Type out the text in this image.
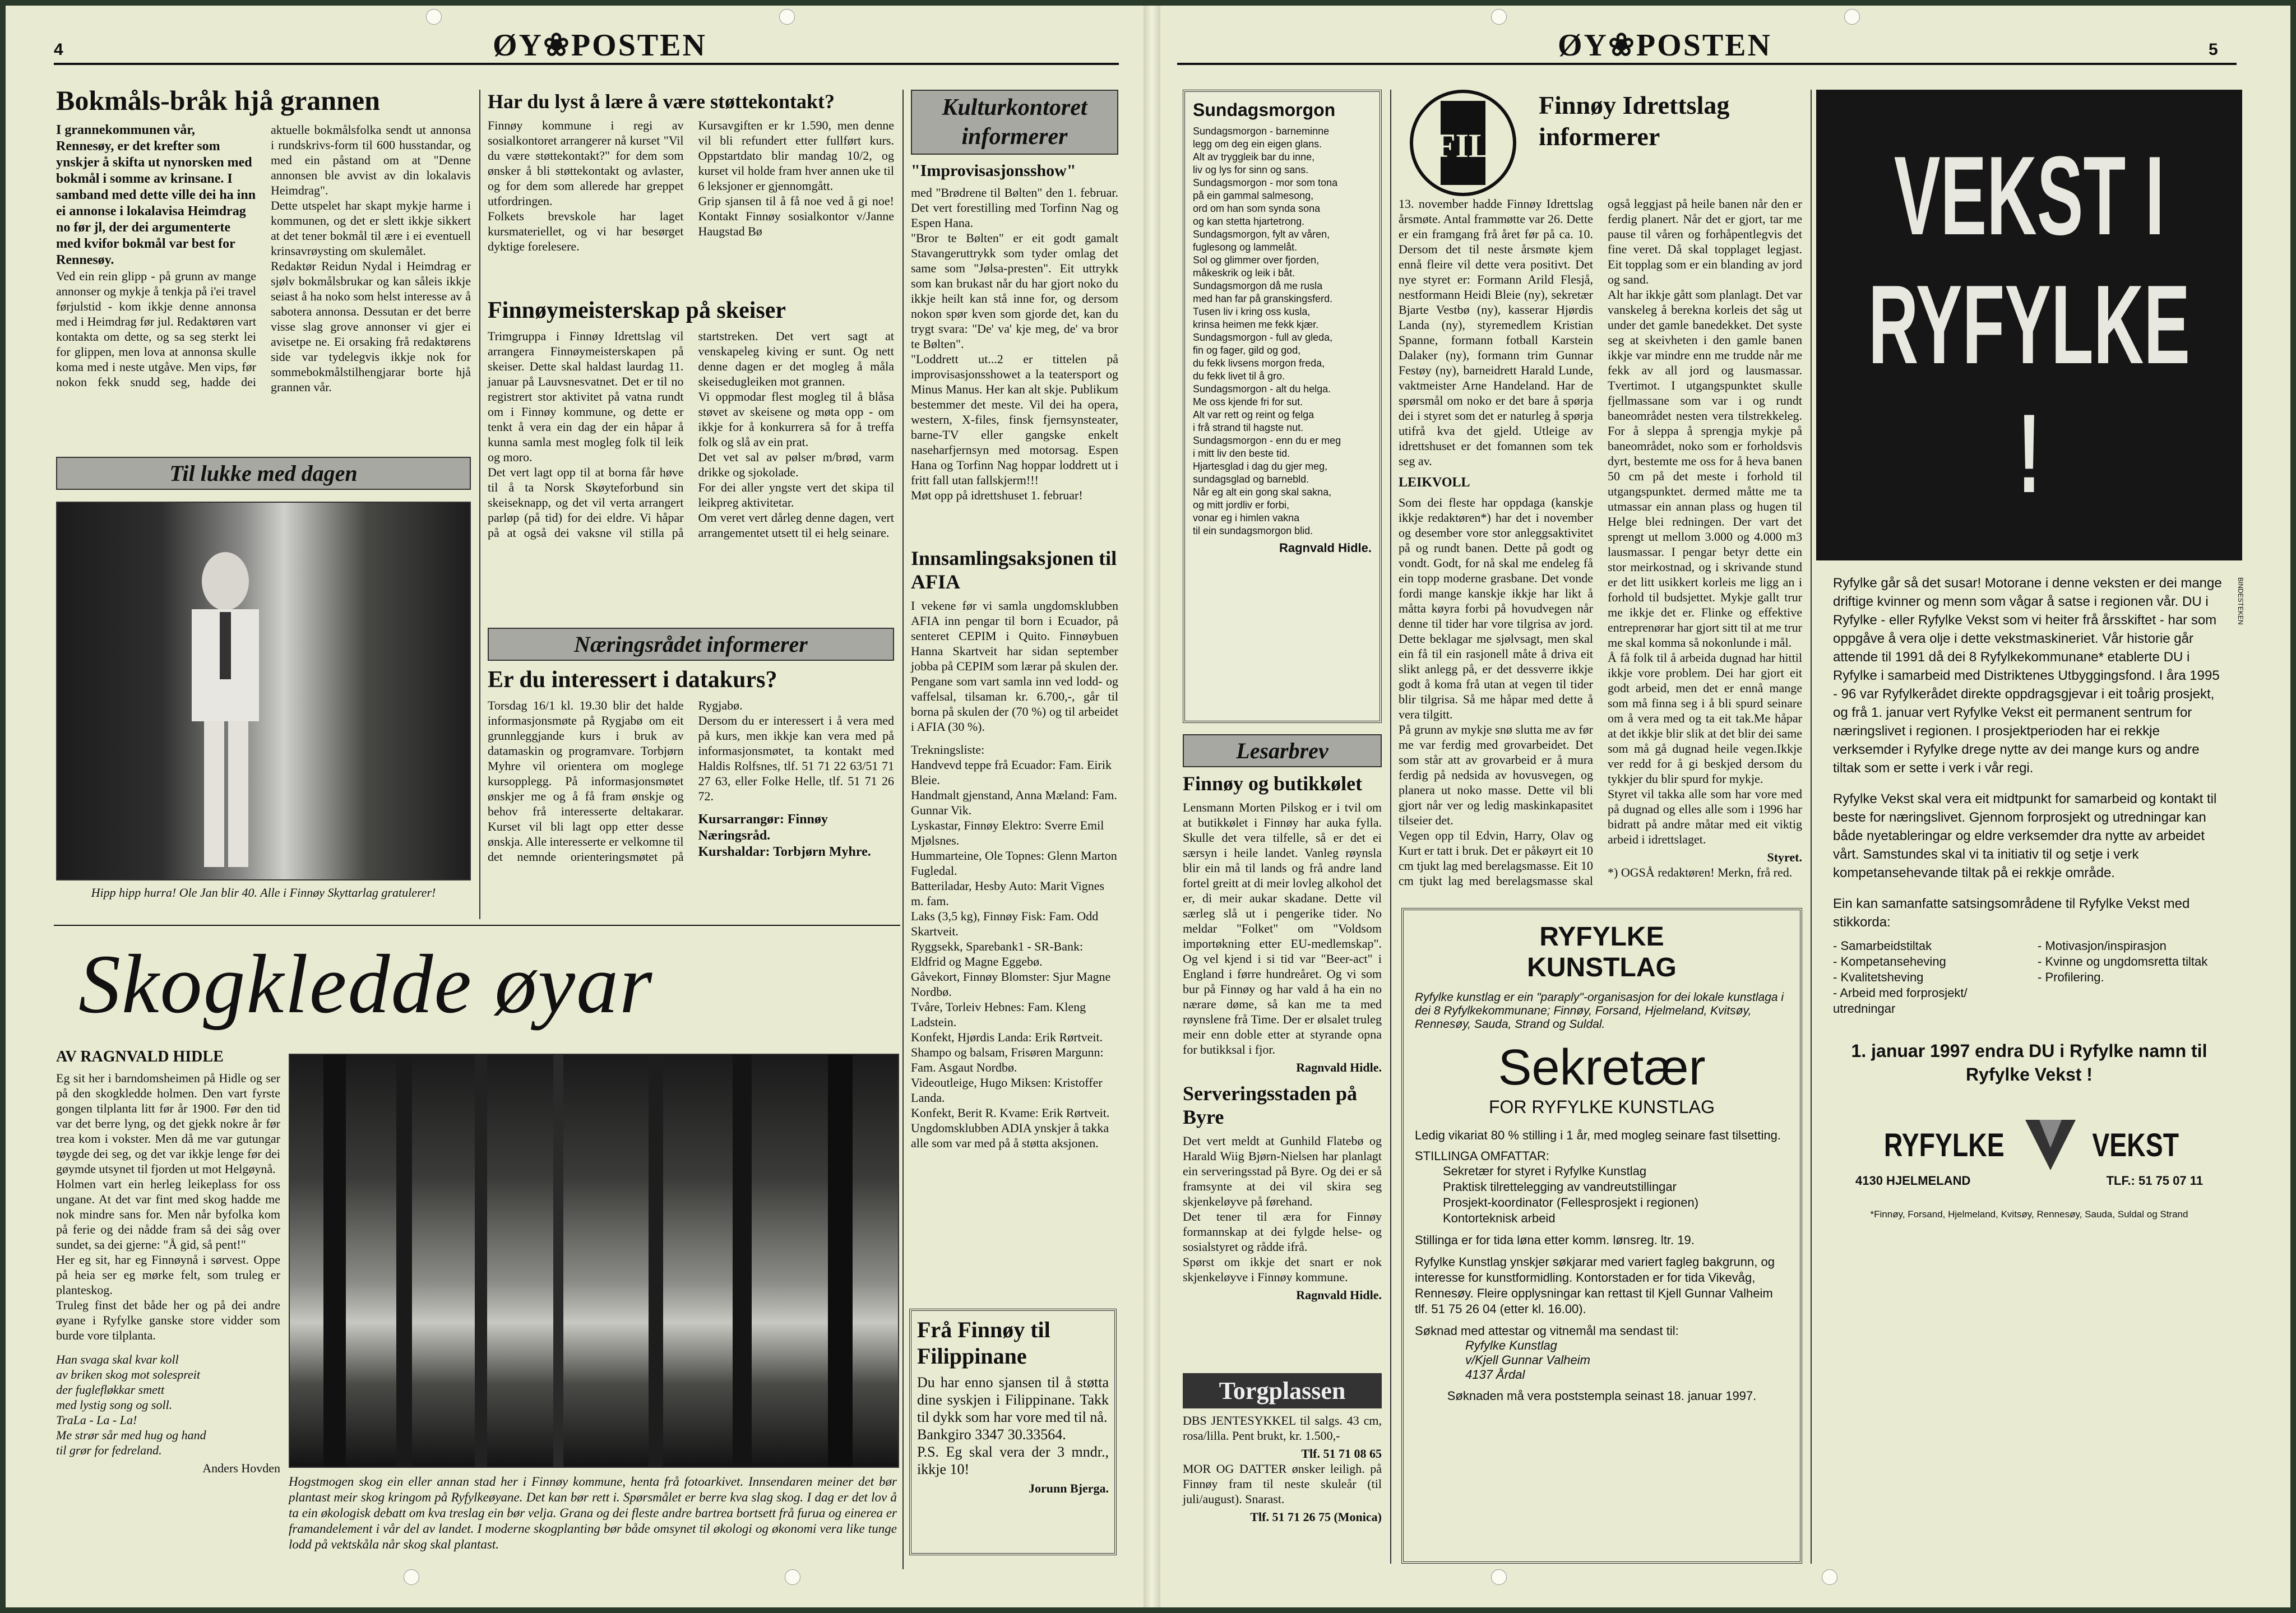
4	ØY❀POSTEN	5
ØY❀POSTEN
Bokmåls-bråk hjå grannen
I grannekommunen vår, Rennesøy, er det krefter som ynskjer å skifta ut nynorsken med bokmål i somme av krinsane. I samband med dette ville dei ha inn ei annonse i lokalavisa Heimdrag no før jl, der dei argumenterte med kvifor bokmål var best for Rennesøy.
Ved ein rein glipp - på grunn av mange annonser og mykje å tenkja på i'ei travel førjulstid - kom ikkje denne annonsa med i Heimdrag før jul. Redaktøren vart kontakta om dette, og sa seg sterkt lei for glippen, men lova at annonsa skulle koma med i neste utgåve. Men vips, før nokon fekk snudd seg, hadde dei aktuelle bokmålsfolka sendt ut annonsa i rundskrivs-form til 600 husstandar, og med ein påstand om at "Denne annonsen ble avvist av din lokalavis Heimdrag".
Dette utspelet har skapt mykje harme i kommunen, og det er slett ikkje sikkert at det tener bokmål til ære i ei eventuell krinsavrøysting om skulemålet.
Redaktør Reidun Nydal i Heimdrag er sjølv bokmålsbrukar og kan såleis ikkje seiast å ha noko som helst interesse av å sabotera annonsa. Dessutan er det berre visse slag grove annonser vi gjer ei avisetpe ne. Ei orsaking frå redaktørens side var tydelegvis ikkje nok for sommebokmålstilhengjarar borte hjå grannen vår.
Til lukke med dagen
Hipp hipp hurra! Ole Jan blir 40. Alle i Finnøy Skyttarlag gratulerer!
Har du lyst å lære å være støttekontakt?
Finnøy kommune i regi av sosialkontoret arrangerer nå kurset "Vil du være støttekontakt?" for dem som ønsker å bli støttekontakt og avlaster, og for dem som allerede har greppet utfordringen.
Folkets brevskole har laget kursmateriellet, og vi har besørget dyktige forelesere.
Kursavgiften er kr 1.590, men denne vil bli refundert etter fullført kurs. Oppstartdato blir mandag 10/2, og kurset vil holde fram hver annen uke til 6 leksjoner er gjennomgått.
Grip sjansen til å få noe ved å gi noe! Kontakt Finnøy sosialkontor v/Janne Haugstad Bø
Finnøymeisterskap på skeiser
Trimgruppa i Finnøy Idrettslag vil arrangera Finnøymeisterskapen på skeiser. Dette skal haldast laurdag 11. januar på Lauvsnesvatnet. Det er til no registrert stor aktivitet på vatna rundt om i Finnøy kommune, og dette er tenkt å vera ein dag der ein håpar å kunna samla mest mogleg folk til leik og moro.
Det vert lagt opp til at borna får høve til å ta Norsk Skøyteforbund sin skeiseknapp, og det vil verta arrangert parløp (på tid) for dei eldre. Vi håpar på at også dei vaksne vil stilla på startstreken. Det vert sagt at venskapeleg kiving er sunt. Og nett denne dagen er det mogleg å måla skeisedugleiken mot grannen.
Vi oppmodar flest mogleg til å blåsa støvet av skeisene og møta opp - om ikkje for å konkurrera så for å treffa folk og slå av ein prat.
Det vet sal av pølser m/brød, varm drikke og sjokolade.
For dei aller yngste vert det skipa til leikpreg aktivitetar.
Om veret vert dårleg denne dagen, vert arrangementet utsett til ei helg seinare.
Næringsrådet informerer
Er du interessert i datakurs?
Torsdag 16/1 kl. 19.30 blir det halde informasjonsmøte på Rygjabø om eit grunnleggjande kurs i bruk av datamaskin og programvare. Torbjørn Myhre vil orientera om moglege kursopplegg. På informasjonsmøtet ønskjer me og å få fram ønskje og behov frå interesserte deltakarar. Kurset vil bli lagt opp etter desse ønskja. Alle interesserte er velkomne til det nemnde orienteringsmøtet på Rygjabø.
Dersom du er interessert i å vera med på kurs, men ikkje kan vera med på informasjonsmøtet, ta kontakt med Haldis Rolfsnes, tlf. 51 71 22 63/51 71 27 63, eller Folke Helle, tlf. 51 71 26 72.
Kursarrangør: Finnøy Næringsråd.
Kurshaldar: Torbjørn Myhre.
Kulturkontoret informerer
"Improvisasjonsshow"
med "Brødrene til Bølten" den 1. februar. Det vert forestilling med Torfinn Nag og Espen Hana.
"Bror te Bølten" er eit godt gamalt Stavangeruttrykk som tyder omlag det same som "Jølsa-presten". Eit uttrykk som kan brukast når du har gjort noko du ikkje heilt kan stå inne for, og dersom nokon spør kven som gjorde det, kan du trygt svara: "De' va' kje meg, de' va bror te Bølten".
"Loddrett ut...2 er tittelen på improvisasjonsshowet a la teatersport og Minus Manus. Her kan alt skje. Publikum bestemmer det meste. Vil dei ha opera, western, X-files, finsk fjernsynsteater, barne-TV eller gangske enkelt naseharfjernsyn med motorsag. Espen Hana og Torfinn Nag hoppar loddrett ut i fritt fall utan fallskjerm!!!
Møt opp på idrettshuset 1. februar!
Innsamlingsaksjonen til AFIA
I vekene før vi samla ungdomsklubben AFIA inn pengar til born i Ecuador, på senteret CEPIM i Quito. Finnøybuen Hanna Skartveit har sidan september jobba på CEPIM som lærar på skulen der. Pengane som vart samla inn ved lodd- og vaffelsal, tilsaman kr. 6.700,-, går til borna på skulen der (70 %) og til arbeidet i AFIA (30 %).
Trekningsliste:
Handvevd teppe frå Ecuador: Fam. Eirik Bleie.
Handmalt gjenstand, Anna Mæland: Fam. Gunnar Vik.
Lyskastar, Finnøy Elektro: Sverre Emil Mjølsnes.
Hummarteine, Ole Topnes: Glenn Marton Fugledal.
Batteriladar, Hesby Auto: Marit Vignes m. fam.
Laks (3,5 kg), Finnøy Fisk: Fam. Odd Skartveit.
Ryggsekk, Sparebank1 - SR-Bank: Eldfrid og Magne Eggebø.
Gåvekort, Finnøy Blomster: Sjur Magne Nordbø.
Tvåre, Torleiv Hebnes: Fam. Kleng Ladstein.
Konfekt, Hjørdis Landa: Erik Rørtveit.
Shampo og balsam, Frisøren Margunn: Fam. Asgaut Nordbø.
Videoutleige, Hugo Miksen: Kristoffer Landa.
Konfekt, Berit R. Kvame: Erik Rørtveit.
Ungdomsklubben ADIA ynskjer å takka alle som var med på å støtta aksjonen.
Frå Finnøy til Filippinane
Du har enno sjansen til å støtta dine syskjen i Filippinane. Takk til dykk som har vore med til nå.
Bankgiro 3347 30.33564.
P.S. Eg skal vera der 3 mndr., ikkje 10!
Jorunn Bjerga.
Skogkledde øyar
AV RAGNVALD HIDLE
Eg sit her i barndomsheimen på Hidle og ser på den skogkledde holmen. Den vart fyrste gongen tilplanta litt før år 1900. Før den tid var det berre lyng, og det gjekk nokre år før trea kom i vokster. Men då me var gutungar tøygde dei seg, og det var ikkje lenge før dei gøymde utsynet til fjorden ut mot Helgøynå.
Holmen vart ein herleg leikeplass for oss ungane. At det var fint med skog hadde me nok mindre sans for. Men når byfolka kom på ferie og dei nådde fram så dei såg over sundet, sa dei gjerne: "Å gid, så pent!"
Her eg sit, har eg Finnøynå i sørvest. Oppe på heia ser eg mørke felt, som truleg er planteskog.
Truleg finst det både her og på dei andre øyane i Ryfylke ganske store vidder som burde vore tilplanta.
Han svaga skal kvar koll
av briken skog mot solespreit
der fuglefløkkar smett
med lystig song og soll.
TraLa - La - La!
Me strør sår med hug og hand
til grør for fedreland.
Anders Hovden
Hogstmogen skog ein eller annan stad her i Finnøy kommune, henta frå fotoarkivet. Innsendaren meiner det bør plantast meir skog kringom på Ryfylkeøyane. Det kan bør rett i. Spørsmålet er berre kva slag skog. I dag er det lov å ta ein økologisk debatt om kva treslag ein bør velja. Grana og dei fleste andre bartrea bortsett frå furua og einerea er framandelement i vår del av landet. I moderne skogplanting bør både omsynet til økologi og økonomi vera like tunge lodd på vektskåla når skog skal plantast.
Sundagsmorgon
Sundagsmorgon - barneminne
legg om deg ein eigen glans.
Alt av tryggleik bar du inne,
liv og lys for sinn og sans.
Sundagsmorgon - mor som tona
på ein gammal salmesong,
ord om han som synda sona
og kan stetta hjartetrong.
Sundagsmorgon, fylt av våren,
fuglesong og lammelåt.
Sol og glimmer over fjorden,
måkeskrik og leik i båt.
Sundagsmorgon då me rusla
med han far på granskingsferd.
Tusen liv i kring oss kusla,
krinsa heimen me fekk kjær.
Sundagsmorgon - full av gleda,
fin og fager, gild og god,
du fekk livsens morgon freda,
du fekk livet til å gro.
Sundagsmorgon - alt du helga.
Me oss kjende fri for sut.
Alt var rett og reint og felga
i frå strand til hagste nut.
Sundagsmorgon - enn du er meg
i mitt liv den beste tid.
Hjartesglad i dag du gjer meg,
sundagsglad og barnebld.
Når eg alt ein gong skal sakna,
og mitt jordliv er forbi,
vonar eg i himlen vakna
til ein sundagsmorgon blid.
Ragnvald Hidle.
Lesarbrev
Finnøy og butikkølet
Lensmann Morten Pilskog er i tvil om at butikkølet i Finnøy har auka fylla. Skulle det vera tilfelle, så er det ei særsyn i heile landet. Vanleg røynsla blir ein må til lands og frå andre land fortel greitt at di meir lovleg alkohol det er, di meir aukar skadane. Dette vil særleg slå ut i pengerike tider. No meldar "Folket" om "Voldsom importøkning etter EU-medlemskap". Og vel kjend i si tid var "Beer-act" i England i førre hundreåret. Og vi som bur på Finnøy og har vald å ha ein no nærare døme, så kan me ta med røynslene frå Time. Der er ølsalet truleg meir enn doble etter at styrande opna for butikksal i fjor.
Ragnvald Hidle.
Serveringsstaden på Byre
Det vert meldt at Gunhild Flatebø og Harald Wiig Bjørn-Nielsen har planlagt ein serveringsstad på Byre. Og dei er så framsynte at dei vil skira seg skjenkeløyve på førehand.
Det tener til æra for Finnøy formannskap at dei fylgde helse- og sosialstyret og rådde ifrå.
Spørst om ikkje det snart er nok skjenkeløyve i Finnøy kommune.
Ragnvald Hidle.
Torgplassen
DBS JENTESYKKEL til salgs. 43 cm, rosa/lilla. Pent brukt, kr. 1.500,-
Tlf. 51 71 08 65
MOR OG DATTER ønsker leiligh. på Finnøy fram til neste skuleår (til juli/august). Snarast.
Tlf. 51 71 26 75 (Monica)
FIL
Finnøy Idrettslag informerer
13. november hadde Finnøy Idrettslag årsmøte. Antal frammøtte var 26. Dette er ein framgang frå året før på ca. 10. Dersom det til neste årsmøte kjem ennå fleire vil dette vera positivt. Det nye styret er: Formann Arild Flesjå, nestformann Heidi Bleie (ny), sekretær Bjarte Vestbø (ny), kasserar Hjørdis Landa (ny), styremedlem Kristian Spanne, formann fotball Karstein Dalaker (ny), formann trim Gunnar Festøy (ny), barneidrett Harald Lunde, vaktmeister Arne Handeland. Har de spørsmål om noko er det bare å spørja dei i styret som det er naturleg å spørja utifrå kva det gjeld. Utleige av idrettshuset er det fomannen som tek seg av.
LEIKVOLL
Som dei fleste har oppdaga (kanskje ikkje redaktøren*) har det i november og desember vore stor anleggsaktivitet på og rundt banen. Dette på godt og vondt. Godt, for nå skal me endeleg få ein topp moderne grasbane. Det vonde fordi mange kanskje ikkje har likt å måtta køyra forbi på hovudvegen når denne til tider har vore tilgrisa av jord. Dette beklagar me sjølvsagt, men skal ein få til ein rasjonell måte å driva eit slikt anlegg på, er det dessverre ikkje godt å koma frå utan at vegen til tider blir tilgrisa. Så me håpar med dette å vera tilgitt.
På grunn av mykje snø slutta me av før me var ferdig med grovarbeidet. Det som står att av grovarbeid er å mura ferdig på nedsida av hovusvegen, og planera ut noko masse. Dette vil bli gjort når ver og ledig maskinkapasitet tilseier det.
Vegen opp til Edvin, Harry, Olav og Kurt er tatt i bruk. Det er påkøyrt eit 10 cm tjukt lag med berelagsmasse. Eit 10 cm tjukt lag med berelagsmasse skal også leggjast på heile banen når den er ferdig planert. Når det er gjort, tar me pause til våren og forhåpentlegvis det fine veret. Då skal topplaget legjast. Eit topplag som er ein blanding av jord og sand.
Alt har ikkje gått som planlagt. Det var vanskeleg å berekna korleis det såg ut under det gamle banedekket. Det syste seg at skeivheten i den gamle banen ikkje var mindre enn me trudde når me fekk av all jord og lausmassar. Tvertimot. I utgangspunktet skulle fjellmassane som var i og rundt baneområdet nesten vera tilstrekkeleg. For å sleppa å sprengja mykje på baneområdet, noko som er forholdsvis dyrt, bestemte me oss for å heva banen 50 cm på det meste i forhold til utgangspunktet. dermed måtte me ta utmassar ein annan plass og hugen til Helge blei redningen. Der vart det sprengt ut mellom 3.000 og 4.000 m3 lausmassar. I pengar betyr dette ein stor meirkostnad, og i skrivande stund er det litt usikkert korleis me ligg an i forhold til budsjettet. Mykje gallt trur me ikkje det er. Flinke og effektive entreprenørar har gjort sitt til at me trur me skal komma så nokonlunde i mål.
Å få folk til å arbeida dugnad har hittil ikkje vore problem. Dei har gjort eit godt arbeid, men det er ennå mange som må finna seg i å bli spurd seinare om å vera med og ta eit tak.Me håpar at det ikkje blir slik at det blir dei same som må gå dugnad heile vegen.Ikkje ver redd for å gi beskjed dersom du tykkjer du blir spurd for mykje.
Styret vil takka alle som har vore med på dugnad og elles alle som i 1996 har bidratt på andre måtar med eit viktig arbeid i idrettslaget.
Styret.
*) OGSÅ redaktøren! Merkn, frå red.
RYFYLKE
KUNSTLAG
Ryfylke kunstlag er ein "paraply"-organisasjon for dei lokale kunstlaga i dei 8 Ryfylkekommunane; Finnøy, Forsand, Hjelmeland, Kvitsøy, Rennesøy, Sauda, Strand og Suldal.
Sekretær
FOR RYFYLKE KUNSTLAG
Ledig vikariat 80 % stilling i 1 år, med mogleg seinare fast tilsetting.
STILLINGA OMFATTAR:
Sekretær for styret i Ryfylke Kunstlag
Praktisk tilrettelegging av vandreutstillingar
Prosjekt-koordinator (Fellesprosjekt i regionen)
Kontorteknisk arbeid
Stillinga er for tida løna etter komm. lønsreg. ltr. 19.
Ryfylke Kunstlag ynskjer søkjarar med variert fagleg bakgrunn, og interesse for kunstformidling. Kontorstaden er for tida Vikevåg, Rennesøy. Fleire opplysningar kan rettast til Kjell Gunnar Valheim tlf. 51 75 26 04 (etter kl. 16.00).
Søknad med attestar og vitnemål ma sendast til:
Ryfylke Kunstlag
v/Kjell Gunnar Valheim
4137 Årdal
Søknaden må vera poststempla seinast 18. januar 1997.
VEKST I RYFYLKE !
BINDESTEKEN

Ryfylke går så det susar! Motorane i denne veksten er dei mange driftige kvinner og menn som vågar å satse i regionen vår. DU i Ryfylke - eller Ryfylke Vekst som vi heiter frå årsskiftet - har som oppgåve å vera olje i dette vekstmaskineriet. Vår historie går attende til 1991 då dei 8 Ryfylkekommunane* etablerte DU i Ryfylke i samarbeid med Distriktenes Utbyggingsfond. I åra 1995 - 96 var Ryfylkerådet direkte oppdragsgjevar i eit toårig prosjekt, og frå 1. januar vert Ryfylke Vekst eit permanent sentrum for næringslivet i regionen. I prosjektperioden har ei rekkje verksemder i Ryfylke drege nytte av dei mange kurs og andre tiltak som er sette i verk i vår regi.

Ryfylke Vekst skal vera eit midtpunkt for samarbeid og kontakt til beste for næringslivet. Gjennom forprosjekt og utredningar kan både nyetableringar og eldre verksemder dra nytte av arbeidet vårt. Samstundes skal vi ta initiativ til og setje i verk kompetansehevande tiltak på ei rekkje område.

Ein kan samanfatte satsingsområdene til Ryfylke Vekst med stikkorda:

- Samarbeidstiltak
- Kompetanseheving
- Kvalitetsheving
- Arbeid med forprosjekt/ utredningar
- Motivasjon/inspirasjon
- Kvinne og ungdomsretta tiltak
- Profilering.
1. januar 1997 endra DU i Ryfylke namn til Ryfylke Vekst !
RYFYLKE	VEKST
4130 HJELMELAND	TLF.: 51 75 07 11
*Finnøy, Forsand, Hjelmeland, Kvitsøy, Rennesøy, Sauda, Suldal og Strand
